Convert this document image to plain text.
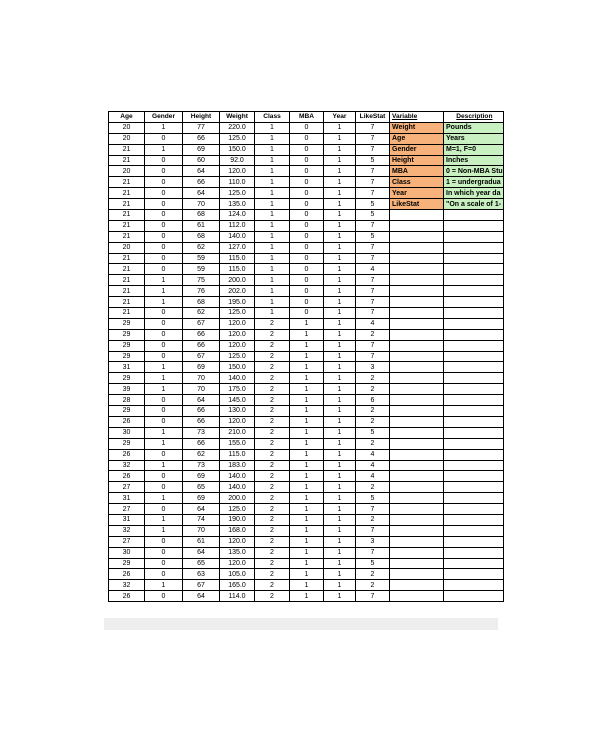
Age	Gender	Height	Weight	Class	MBA	Year	LikeStat	Variable	Description
20	1	77	220.0	1	0	1	7	Weight	Pounds
20	0	66	125.0	1	0	1	7	Age	Years
21	1	69	150.0	1	0	1	7	Gender	M=1, F=0
21	0	60	92.0	1	0	1	5	Height	Inches
20	0	64	120.0	1	0	1	7	MBA	0 = Non-MBA Stu
21	0	66	110.0	1	0	1	7	Class	1 = undergradua
21	0	64	125.0	1	0	1	7	Year	In which year da
21	0	70	135.0	1	0	1	5	LikeStat	"On a scale of 1-
21	0	68	124.0	1	0	1	5		
21	0	61	112.0	1	0	1	7		
21	0	68	140.0	1	0	1	5		
20	0	62	127.0	1	0	1	7		
21	0	59	115.0	1	0	1	7		
21	0	59	115.0	1	0	1	4		
21	1	75	200.0	1	0	1	7		
21	1	76	202.0	1	0	1	7		
21	1	68	195.0	1	0	1	7		
21	0	62	125.0	1	0	1	7		
29	0	67	120.0	2	1	1	4		
29	0	66	120.0	2	1	1	2		
29	0	66	120.0	2	1	1	7		
29	0	67	125.0	2	1	1	7		
31	1	69	150.0	2	1	1	3		
29	1	70	140.0	2	1	1	2		
39	1	70	175.0	2	1	1	2		
28	0	64	145.0	2	1	1	6		
29	0	66	130.0	2	1	1	2		
26	0	66	120.0	2	1	1	2		
30	1	73	210.0	2	1	1	5		
29	1	66	155.0	2	1	1	2		
26	0	62	115.0	2	1	1	4		
32	1	73	183.0	2	1	1	4		
26	0	69	140.0	2	1	1	4		
27	0	65	140.0	2	1	1	2		
31	1	69	200.0	2	1	1	5		
27	0	64	125.0	2	1	1	7		
31	1	74	190.0	2	1	1	2		
32	1	70	168.0	2	1	1	7		
27	0	61	120.0	2	1	1	3		
30	0	64	135.0	2	1	1	7		
29	0	65	120.0	2	1	1	5		
26	0	63	105.0	2	1	1	2		
32	1	67	165.0	2	1	1	2		
26	0	64	114.0	2	1	1	7		
